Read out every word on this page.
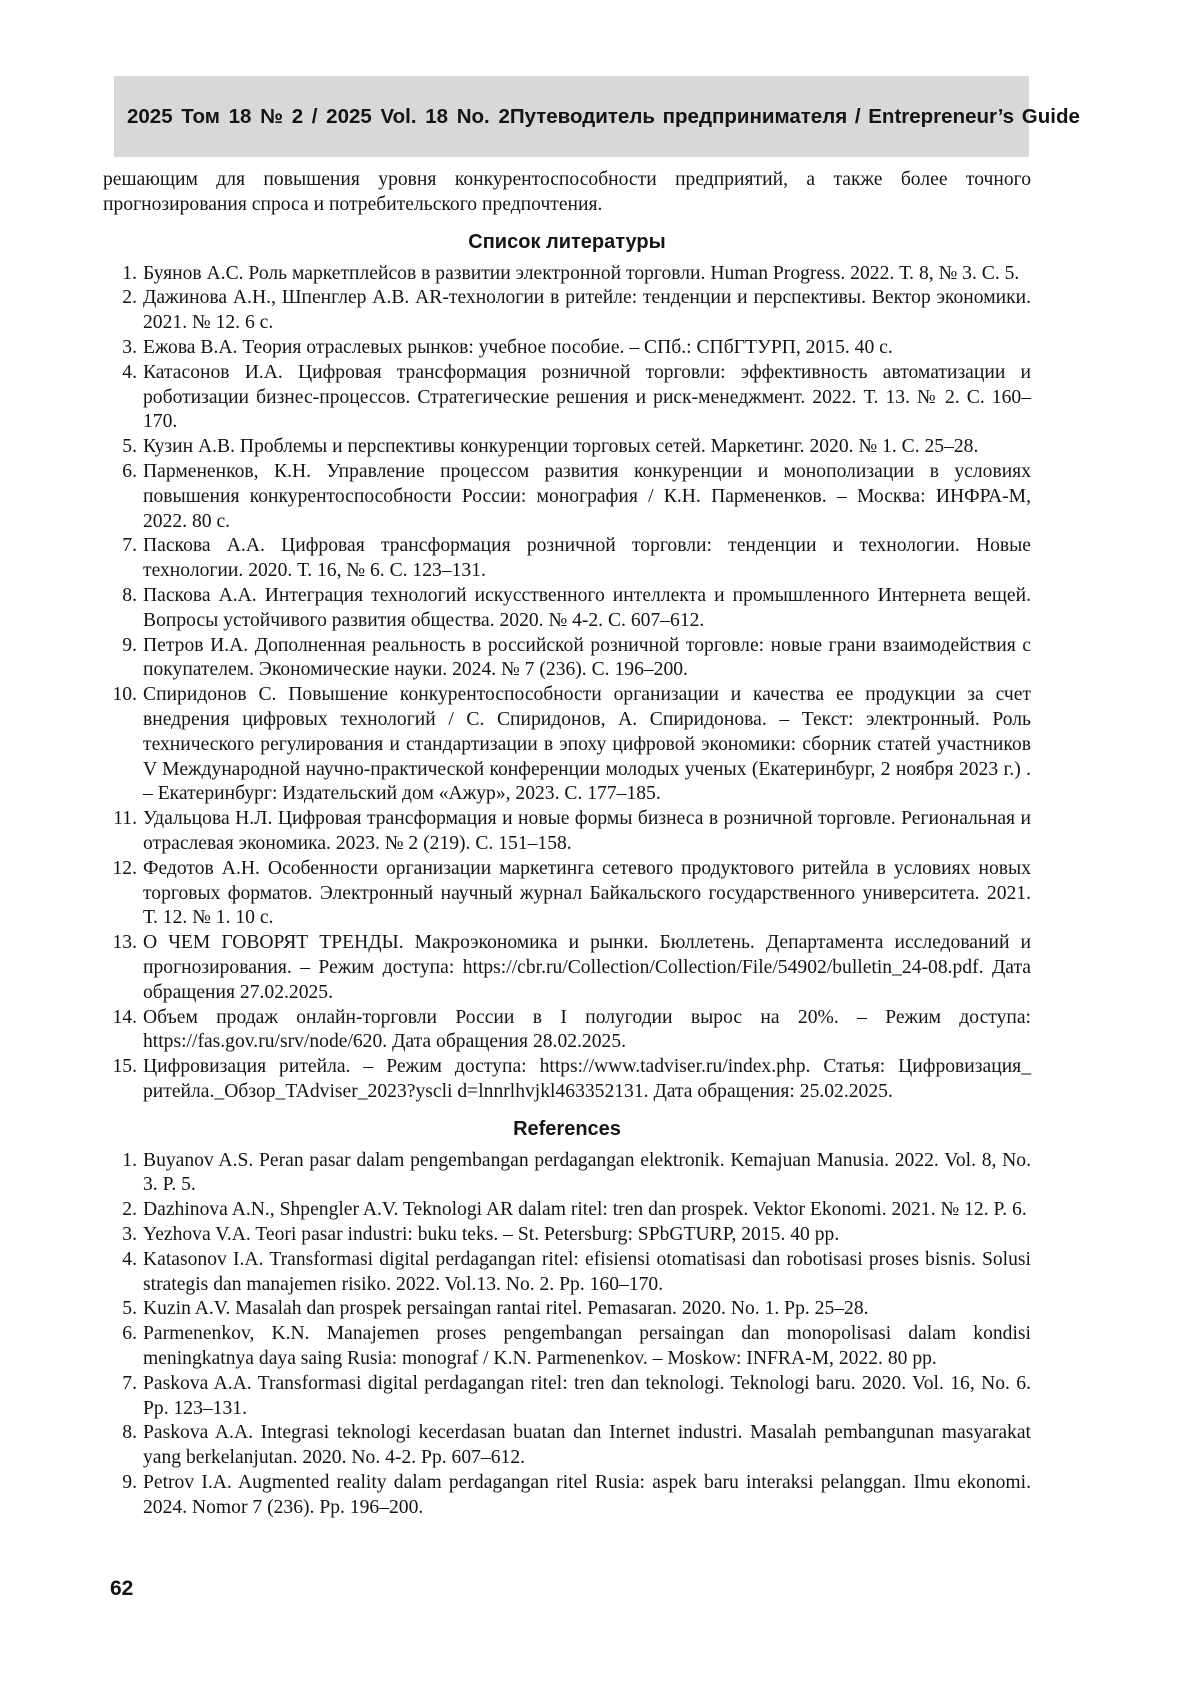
2025 Том 18 № 2 / 2025 Vol. 18 No. 2 Путеводитель предпринимателя / Entrepreneur’s Guide

решающим для повышения уровня конкурентоспособности предприятий, а также более точного прогнозирования спроса и потребительского предпочтения.

Список литературы
1. Буянов А.С. Роль маркетплейсов в развитии электронной торговли. Human Progress. 2022. Т. 8, № 3. С. 5.
2. Дажинова А.Н., Шпенглер А.В. AR-технологии в ритейле: тенденции и перспективы. Вектор экономики. 2021. № 12. 6 с.
3. Ежова В.А. Теория отраслевых рынков: учебное пособие. – СПб.: СПбГТУРП, 2015. 40 с.
4. Катасонов И.А. Цифровая трансформация розничной торговли: эффективность автоматизации и роботизации бизнес-процессов. Стратегические решения и риск-менеджмент. 2022. Т. 13. № 2. С. 160–170.
5. Кузин А.В. Проблемы и перспективы конкуренции торговых сетей. Маркетинг. 2020. № 1. С. 25–28.
6. Пармененков, К.Н. Управление процессом развития конкуренции и монополизации в условиях повышения конкурентоспособности России: монография / К.Н. Пармененков. – Москва: ИНФРА-М, 2022. 80 с.
7. Паскова А.А. Цифровая трансформация розничной торговли: тенденции и технологии. Новые технологии. 2020. Т. 16, № 6. С. 123–131.
8. Паскова А.А. Интеграция технологий искусственного интеллекта и промышленного Интернета вещей. Вопросы устойчивого развития общества. 2020. № 4-2. С. 607–612.
9. Петров И.А. Дополненная реальность в российской розничной торговле: новые грани взаимодействия с покупателем. Экономические науки. 2024. № 7 (236). С. 196–200.
10. Спиридонов С. Повышение конкурентоспособности организации и качества ее продукции за счет внедрения цифровых технологий / С. Спиридонов, А. Спиридонова. – Текст: электронный. Роль технического регулирования и стандартизации в эпоху цифровой экономики: сборник статей участников V Международной научно-практической конференции молодых ученых (Екатеринбург, 2 ноября 2023 г.) . – Екатеринбург: Издательский дом «Ажур», 2023. С. 177–185.
11. Удальцова Н.Л. Цифровая трансформация и новые формы бизнеса в розничной торговле. Региональная и отраслевая экономика. 2023. № 2 (219). С. 151–158.
12. Федотов А.Н. Особенности организации маркетинга сетевого продуктового ритейла в условиях новых торговых форматов. Электронный научный журнал Байкальского государственного университета. 2021. Т. 12. № 1. 10 с.
13. О ЧЕМ ГОВОРЯТ ТРЕНДЫ. Макроэкономика и рынки. Бюллетень. Департамента исследований и прогнозирования. – Режим доступа: https://cbr.ru/Collection/Collection/File/54902/bulletin_24-08.pdf. Дата обращения 27.02.2025.
14. Объем продаж онлайн-торговли России в I полугодии вырос на 20%. – Режим доступа: https://fas.gov.ru/srv/node/620. Дата обращения 28.02.2025.
15. Цифровизация ритейла. – Режим доступа: https://www.tadviser.ru/index.php. Статья: Цифровизация_ ритейла._Обзор_TAdviser_2023?yscli d=lnnrlhvjkl463352131. Дата обращения: 25.02.2025.
References
1. Buyanov A.S. Peran pasar dalam pengembangan perdagangan elektronik. Kemajuan Manusia. 2022. Vol. 8, No. 3. P. 5.
2. Dazhinova A.N., Shpengler A.V. Teknologi AR dalam ritel: tren dan prospek. Vektor Ekonomi. 2021. № 12. P. 6.
3. Yezhova V.A. Teori pasar industri: buku teks. – St. Petersburg: SPbGTURP, 2015. 40 pp.
4. Katasonov I.A. Transformasi digital perdagangan ritel: efisiensi otomatisasi dan robotisasi proses bisnis. Solusi strategis dan manajemen risiko. 2022. Vol.13. No. 2. Pp. 160–170.
5. Kuzin A.V. Masalah dan prospek persaingan rantai ritel. Pemasaran. 2020. No. 1. Pp. 25–28.
6. Parmenenkov, K.N. Manajemen proses pengembangan persaingan dan monopolisasi dalam kondisi meningkatnya daya saing Rusia: monograf / K.N. Parmenenkov. – Moskow: INFRA-M, 2022. 80 pp.
7. Paskova A.A. Transformasi digital perdagangan ritel: tren dan teknologi. Teknologi baru. 2020. Vol. 16, No. 6. Pp. 123–131.
8. Paskova A.A. Integrasi teknologi kecerdasan buatan dan Internet industri. Masalah pembangunan masyarakat yang berkelanjutan. 2020. No. 4-2. Pp. 607–612.
9. Petrov I.A. Augmented reality dalam perdagangan ritel Rusia: aspek baru interaksi pelanggan. Ilmu ekonomi. 2024. Nomor 7 (236). Pp. 196–200.
62
